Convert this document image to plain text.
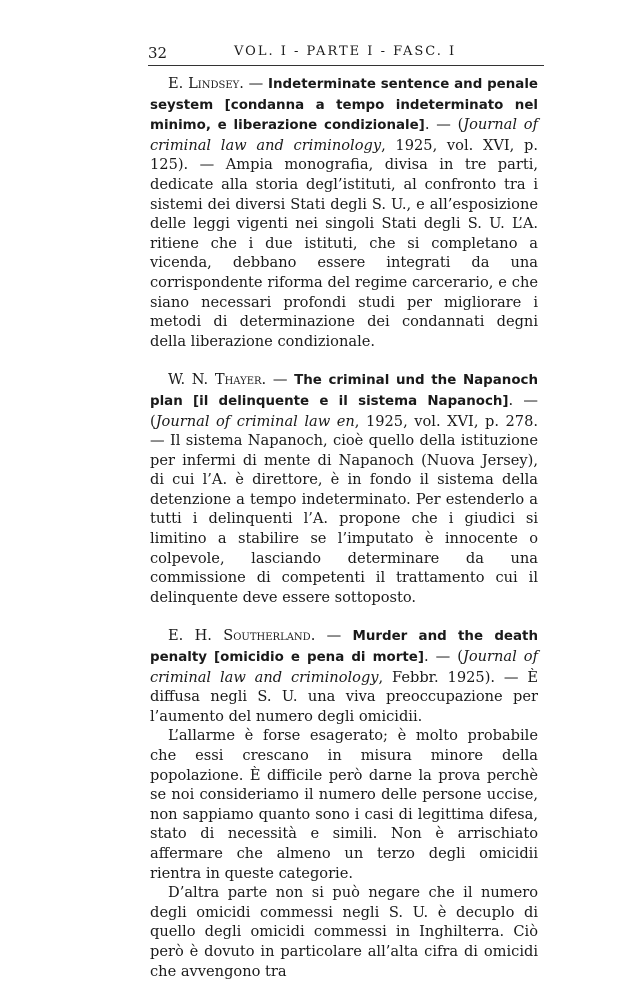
32	VOL. I - PARTE I - FASC. I

E. Lindsey. — Indeterminate sentence and penale seystem [condanna a tempo indeterminato nel minimo, e liberazione condizionale]. — (Journal of criminal law and criminology, 1925, vol. XVI, p. 125). — Ampia monografia, divisa in tre parti, dedicate alla storia degl’istituti, al confronto tra i sistemi dei diversi Stati degli S. U., e all’esposizione delle leggi vigenti nei singoli Stati degli S. U. L’A. ritiene che i due istituti, che si completano a vicenda, debbano essere integrati da una corrispondente riforma del regime carcerario, e che siano necessari profondi studi per migliorare i metodi di determinazione dei condannati degni della liberazione condizionale.

W. N. Thayer. — The criminal und the Napanoch plan [il delinquente e il sistema Napanoch]. — (Journal of criminal law en, 1925, vol. XVI, p. 278. — Il sistema Napanoch, cioè quello della istituzione per infermi di mente di Napanoch (Nuova Jersey), di cui l’A. è direttore, è in fondo il sistema della detenzione a tempo indeterminato. Per estenderlo a tutti i delinquenti l’A. propone che i giudici si limitino a stabilire se l’imputato è innocente o colpevole, lasciando determinare da una commissione di competenti il trattamento cui il delinquente deve essere sottoposto.

E. H. Southerland. — Murder and the death penalty [omicidio e pena di morte]. — (Journal of criminal law and criminology, Febbr. 1925). — È diffusa negli S. U. una viva preoccupazione per l’aumento del numero degli omicidii.

L’allarme è forse esagerato; è molto probabile che essi crescano in misura minore della popolazione. È difficile però darne la prova perchè se noi consideriamo il numero delle persone uccise, non sappiamo quanto sono i casi di legittima difesa, stato di necessità e simili. Non è arrischiato affermare che almeno un terzo degli omicidii rientra in queste categorie.

D’altra parte non si può negare che il numero degli omicidi commessi negli S. U. è decuplo di quello degli omicidi commessi in Inghilterra. Ciò però è dovuto in particolare all’alta cifra di omicidi che avvengono tra
